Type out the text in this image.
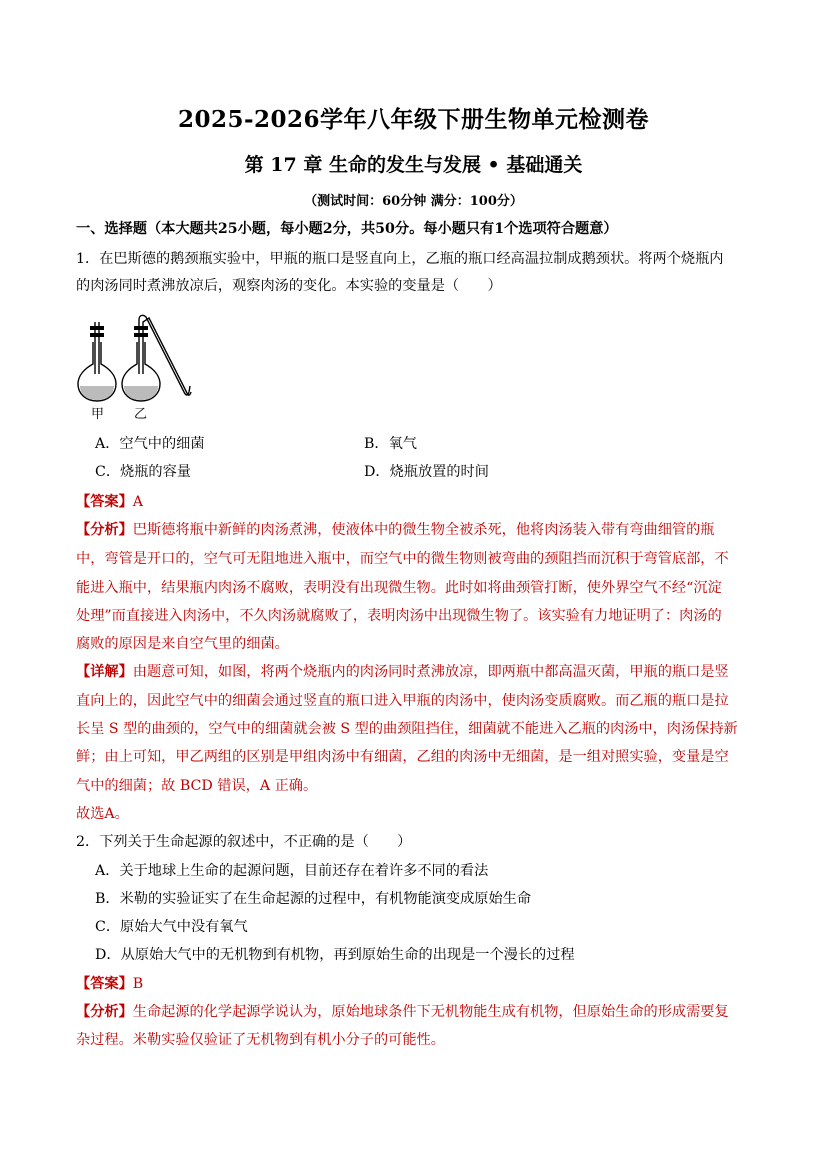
2025-2026学年八年级下册生物单元检测卷
第 17 章 生命的发生与发展 • 基础通关
（测试时间：60分钟 满分：100分）
一、选择题（本大题共25小题，每小题2分，共50分。每小题只有1个选项符合题意）
1．在巴斯德的鹅颈瓶实验中，甲瓶的瓶口是竖直向上，乙瓶的瓶口经高温拉制成鹅颈状。将两个烧瓶内
的肉汤同时煮沸放凉后，观察肉汤的变化。本实验的变量是（　　）
甲 乙
A．空气中的细菌	B．氧气
C．烧瓶的容量	D．烧瓶放置的时间
【答案】A
【分析】巴斯德将瓶中新鲜的肉汤煮沸，使液体中的微生物全被杀死，他将肉汤装入带有弯曲细管的瓶
中，弯管是开口的，空气可无阻地进入瓶中，而空气中的微生物则被弯曲的颈阻挡而沉积于弯管底部，不
能进入瓶中，结果瓶内肉汤不腐败，表明没有出现微生物。此时如将曲颈管打断，使外界空气不经“沉淀
处理”而直接进入肉汤中，不久肉汤就腐败了，表明肉汤中出现微生物了。该实验有力地证明了：肉汤的
腐败的原因是来自空气里的细菌。
【详解】由题意可知，如图，将两个烧瓶内的肉汤同时煮沸放凉，即两瓶中都高温灭菌，甲瓶的瓶口是竖
直向上的，因此空气中的细菌会通过竖直的瓶口进入甲瓶的肉汤中，使肉汤变质腐败。而乙瓶的瓶口是拉
长呈 S 型的曲颈的，空气中的细菌就会被 S 型的曲颈阻挡住，细菌就不能进入乙瓶的肉汤中，肉汤保持新
鲜；由上可知，甲乙两组的区别是甲组肉汤中有细菌，乙组的肉汤中无细菌，是一组对照实验，变量是空
气中的细菌；故 BCD 错误，A 正确。
故选A。
2．下列关于生命起源的叙述中，不正确的是（　　）
A．关于地球上生命的起源问题，目前还存在着许多不同的看法
B．米勒的实验证实了在生命起源的过程中，有机物能演变成原始生命
C．原始大气中没有氧气
D．从原始大气中的无机物到有机物，再到原始生命的出现是一个漫长的过程
【答案】B
【分析】生命起源的化学起源学说认为，原始地球条件下无机物能生成有机物，但原始生命的形成需要复
杂过程。米勒实验仅验证了无机物到有机小分子的可能性。
